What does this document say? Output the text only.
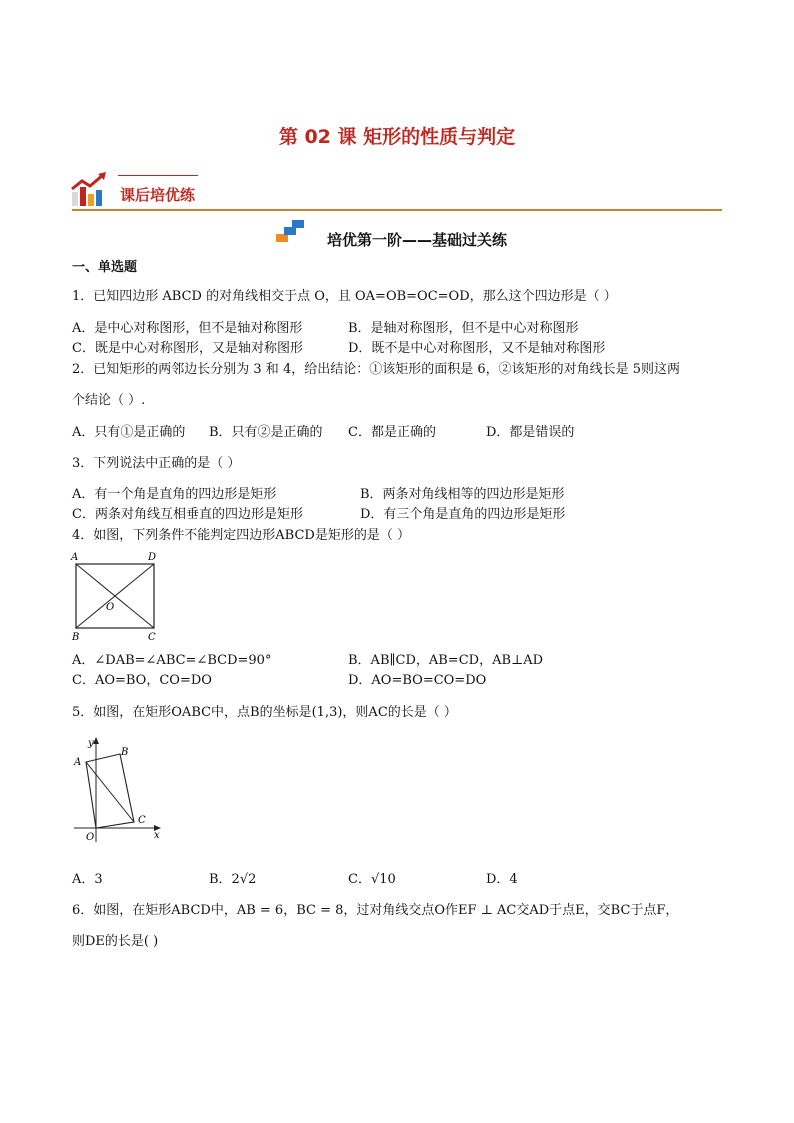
第 02 课 矩形的性质与判定
课后培优练
培优第一阶——基础过关练
一、单选题
1．已知四边形 ABCD 的对角线相交于点 O，且 OA=OB=OC=OD，那么这个四边形是（ ）
A．是中心对称图形，但不是轴对称图形	B．是轴对称图形，但不是中心对称图形
C．既是中心对称图形，又是轴对称图形	D．既不是中心对称图形，又不是轴对称图形
2．已知矩形的两邻边长分别为 3 和 4，给出结论：①该矩形的面积是 6，②该矩形的对角线长是 5则这两
个结论（ ）.
A．只有①是正确的 B．只有②是正确的 C．都是正确的	D．都是错误的
3．下列说法中正确的是（ ）
A．有一个角是直角的四边形是矩形	B．两条对角线相等的四边形是矩形
C．两条对角线互相垂直的四边形是矩形	D．有三个角是直角的四边形是矩形
4．如图，下列条件不能判定四边形ABCD是矩形的是（ ）
A	D
B	C
O
A．∠DAB=∠ABC=∠BCD=90°	B．AB∥CD，AB=CD，AB⊥AD
C．AO=BO，CO=DO	D．AO=BO=CO=DO
5．如图，在矩形OABC中，点B的坐标是(1,3)，则AC的长是（ ）
y
x
A
B
C
O
A．3	B．2√2	C．√10	D．4
6．如图，在矩形ABCD中，AB = 6，BC = 8，过对角线交点O作EF ⊥ AC交AD于点E，交BC于点F，
则DE的长是( )
